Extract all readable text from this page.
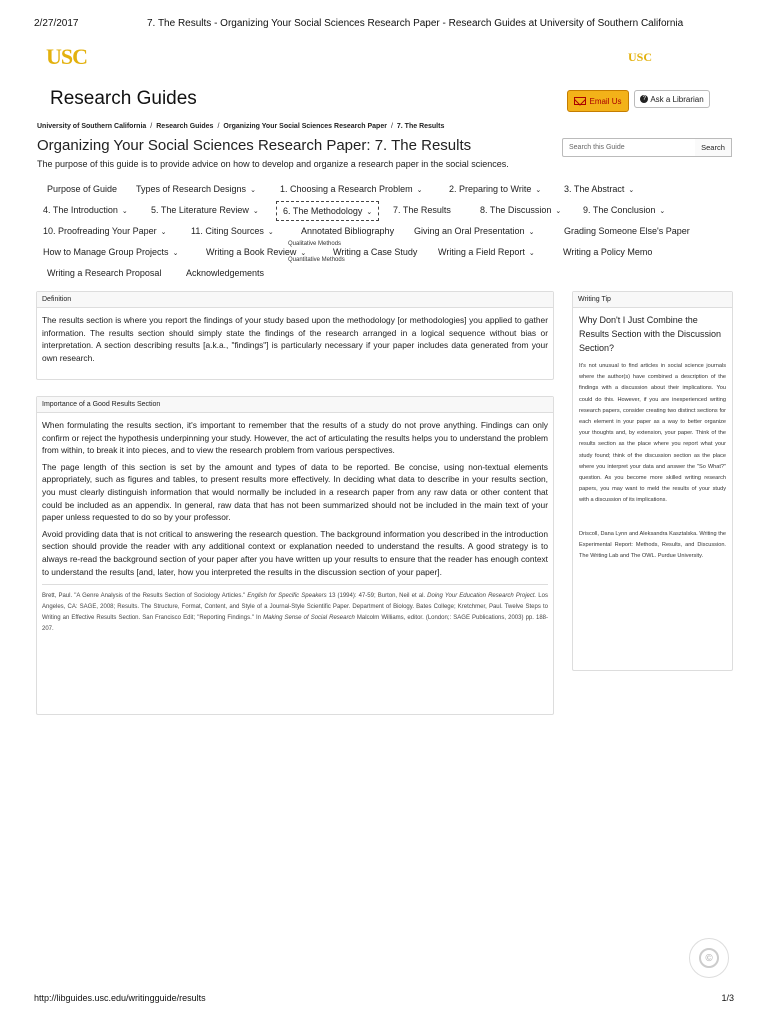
2/27/2017	7. The Results - Organizing Your Social Sciences Research Paper - Research Guides at University of Southern California
USC	USC
Research Guides	Email Us	? Ask a Librarian
University of Southern California / Research Guides / Organizing Your Social Sciences Research Paper / 7. The Results
Organizing Your Social Sciences Research Paper: 7. The Results
The purpose of this guide is to provide advice on how to develop and organize a research paper in the social sciences.
Search this Guide	Search
Purpose of Guide	Types of Research Designs ⌄	1. Choosing a Research Problem ⌄	2. Preparing to Write ⌄	3. The Abstract ⌄
4. The Introduction ⌄	5. The Literature Review ⌄	6. The Methodology ⌄	7. The Results	8. The Discussion ⌄	9. The Conclusion ⌄
10. Proofreading Your Paper ⌄	11. Citing Sources ⌄	Annotated Bibliography	Giving an Oral Presentation ⌄	Grading Someone Else's Paper
How to Manage Group Projects ⌄	Writing a Book Review ⌄	Writing a Case Study	Writing a Field Report ⌄	Writing a Policy Memo
Writing a Research Proposal	Acknowledgements
Qualitative Methods
Quantitative Methods
Definition
The results section is where you report the findings of your study based upon the methodology [or methodologies] you applied to gather information. The results section should simply state the findings of the research arranged in a logical sequence without bias or interpretation. A section describing results [a.k.a., "findings"] is particularly necessary if your paper includes data generated from your own research.
Importance of a Good Results Section

When formulating the results section, it's important to remember that the results of a study do not prove anything. Findings can only confirm or reject the hypothesis underpinning your study. However, the act of articulating the results helps you to understand the problem from within, to break it into pieces, and to view the research problem from various perspectives.

The page length of this section is set by the amount and types of data to be reported. Be concise, using non-textual elements appropriately, such as figures and tables, to present results more effectively. In deciding what data to describe in your results section, you must clearly distinguish information that would normally be included in a research paper from any raw data or other content that could be included as an appendix. In general, raw data that has not been summarized should not be included in the main text of your paper unless requested to do so by your professor.

Avoid providing data that is not critical to answering the research question. The background information you described in the introduction section should provide the reader with any additional context or explanation needed to understand the results. A good strategy is to always re-read the background section of your paper after you have written up your results to ensure that the reader has enough context to understand the results [and, later, how you interpreted the results in the discussion section of your paper].

Brett, Paul. "A Genre Analysis of the Results Section of Sociology Articles." English for Specific Speakers 13 (1994): 47-59; Burton, Neil et al. Doing Your Education Research Project. Los Angeles, CA: SAGE, 2008; Results. The Structure, Format, Content, and Style of a Journal-Style Scientific Paper. Department of Biology. Bates College; Kretchmer, Paul. Twelve Steps to Writing an Effective Results Section. San Francisco Edit; "Reporting Findings." In Making Sense of Social Research Malcolm Williams, editor. (London;: SAGE Publications, 2003) pp. 188-207.
Writing Tip
Why Don't I Just Combine the Results Section with the Discussion Section?
It's not unusual to find articles in social science journals where the author(s) have combined a description of the findings with a discussion about their implications. You could do this. However, if you are inexperienced writing research papers, consider creating two distinct sections for each element in your paper as a way to better organize your thoughts and, by extension, your paper. Think of the results section as the place where you report what your study found; think of the discussion section as the place where you interpret your data and answer the "So What?" question. As you become more skilled writing research papers, you may want to meld the results of your study with a discussion of its implications.
Driscoll, Dana Lynn and Aleksandra Kasztalska. Writing the Experimental Report: Methods, Results, and Discussion. The Writing Lab and The OWL. Purdue University.
©
http://libguides.usc.edu/writingguide/results	1/3
